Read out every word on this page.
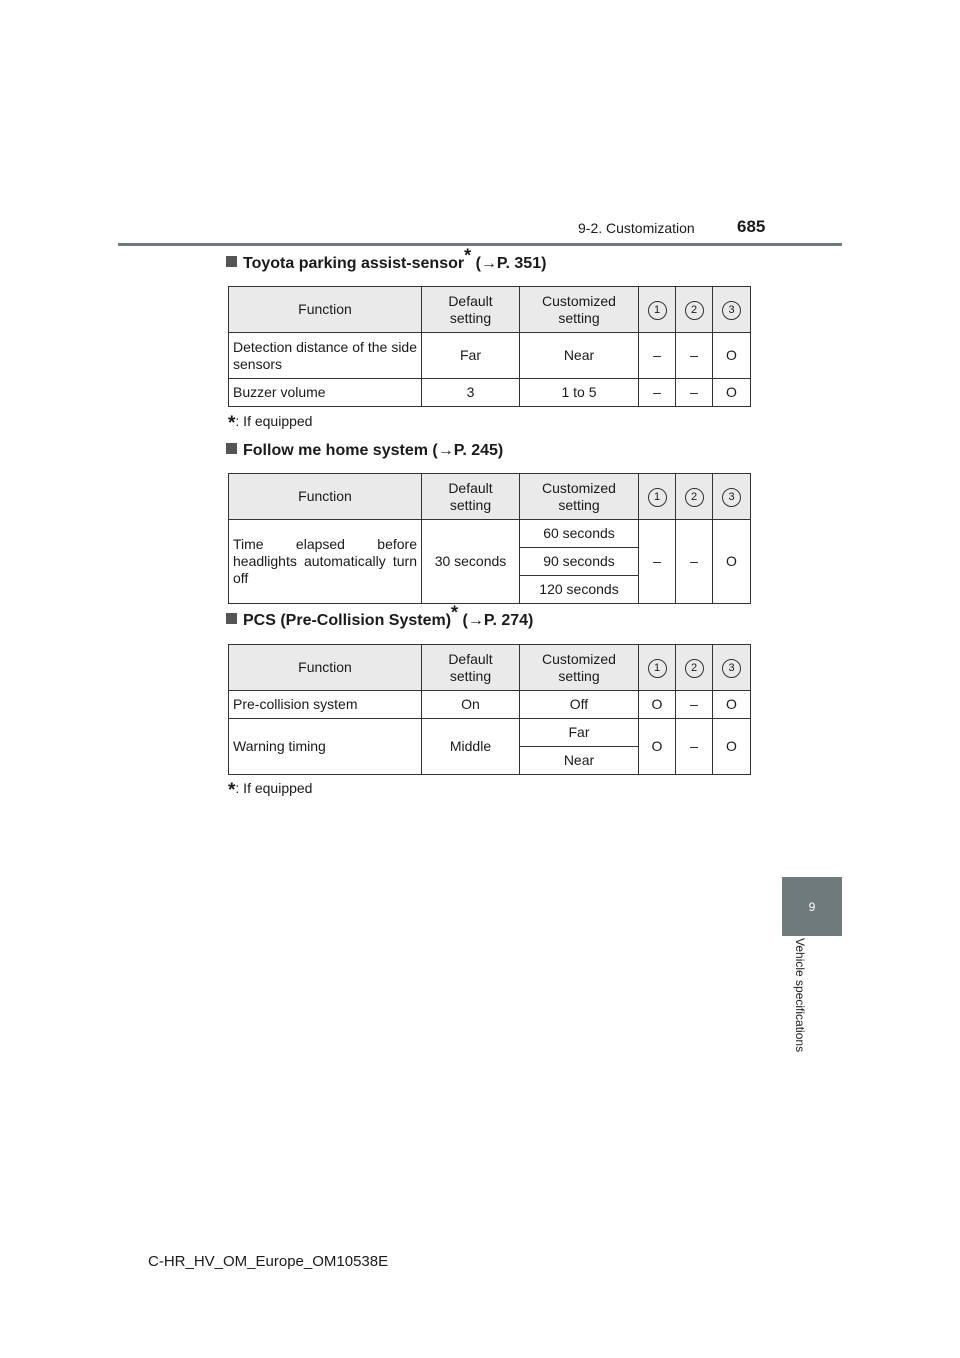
9-2. Customization 685
9
Vehicle specifications
Toyota parking assist-sensor* (→P. 351)
Function	Default setting	Customized setting	1	2	3
Detection distance of the side sensors	Far	Near	–	–	O
Buzzer volume	3	1 to 5	–	–	O
*: If equipped
Follow me home system (→P. 245)
Function	Default setting	Customized setting	1	2	3
Time elapsed before headlights automatically turn off	30 seconds	60 seconds	–	–	O
		90 seconds			
		120 seconds			
PCS (Pre-Collision System)* (→P. 274)
Function	Default setting	Customized setting	1	2	3
Pre-collision system	On	Off	O	–	O
Warning timing	Middle	Far	O	–	O
		Near			
*: If equipped
C-HR_HV_OM_Europe_OM10538E
